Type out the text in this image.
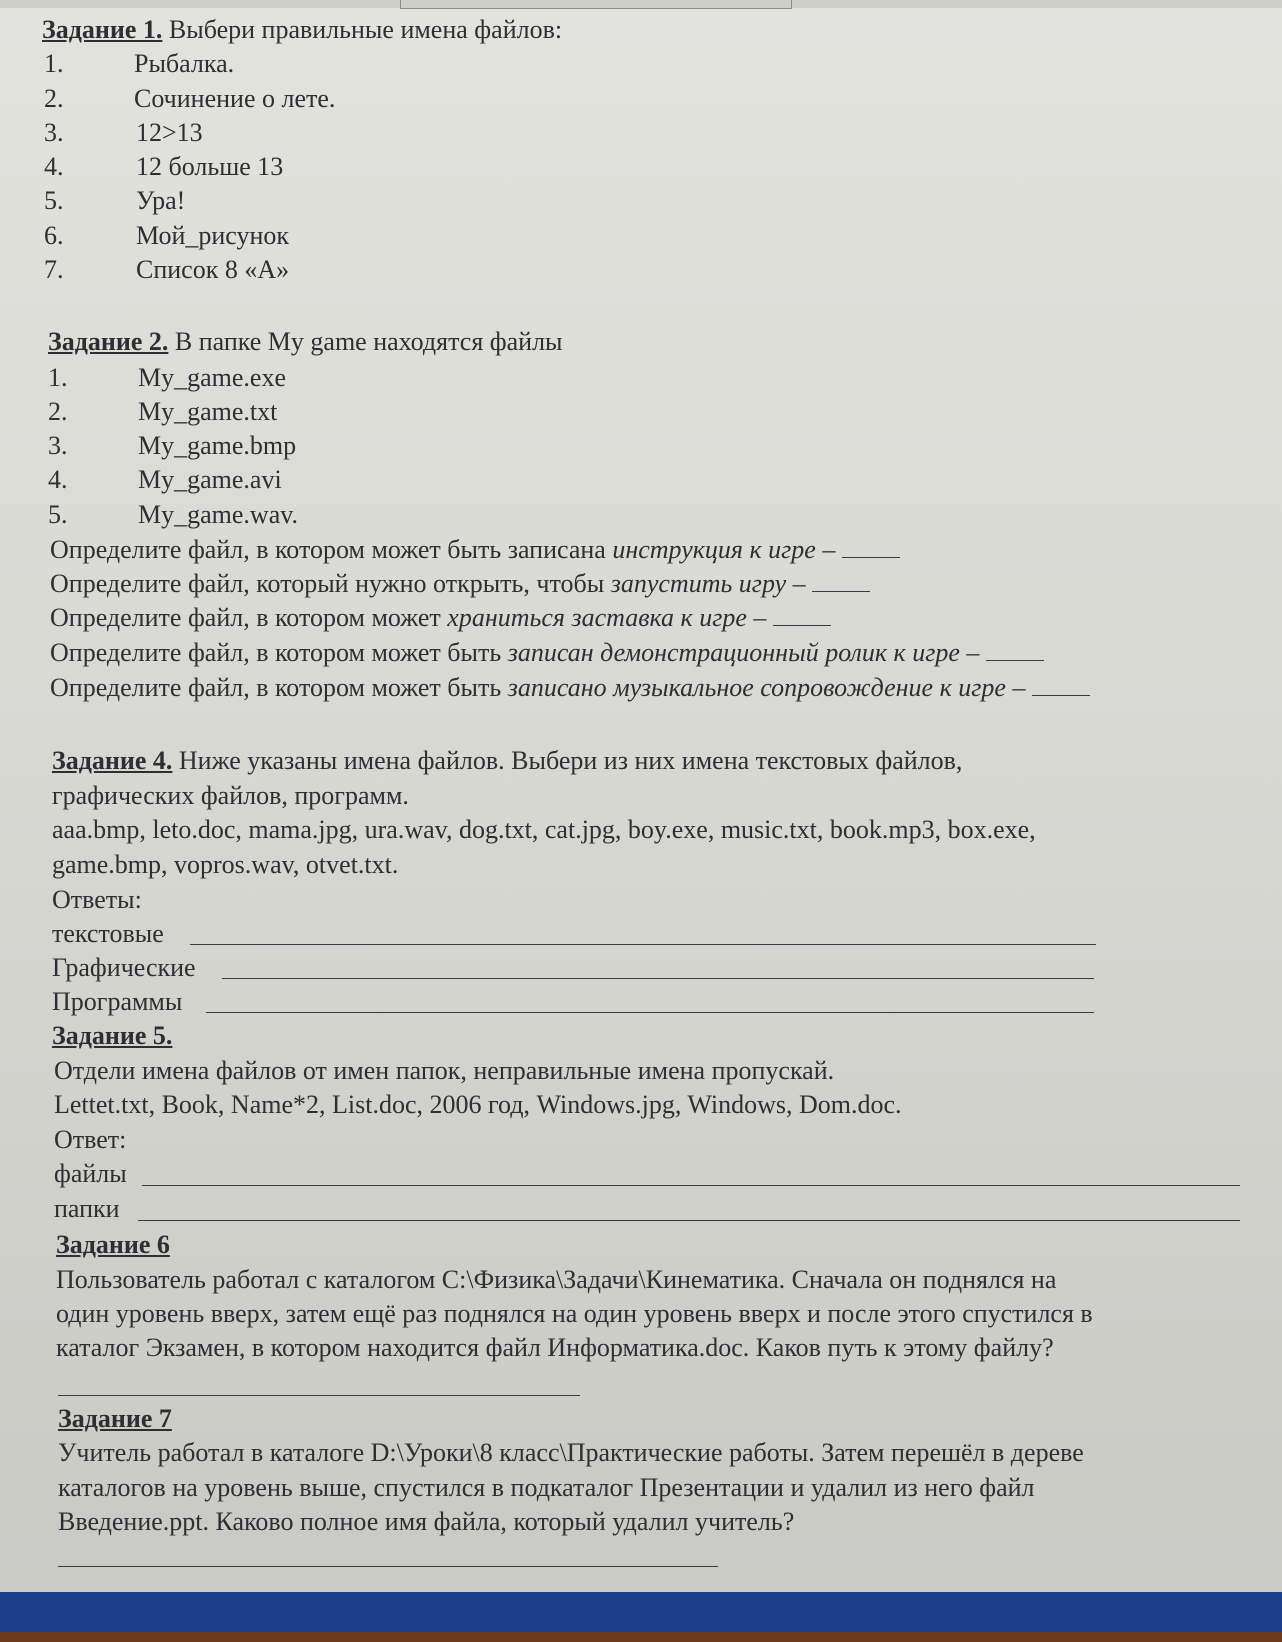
Задание 1. Выбери правильные имена файлов:
1.	Рыбалка.
2.	Сочинение о лете.
3.	12>13
4.	12 больше 13
5.	Ура!
6.	Мой_рисунок
7.	Список 8 «А»
Задание 2. В папке My game находятся файлы
1.	My_game.exe
2.	My_game.txt
3.	My_game.bmp
4.	My_game.avi
5.	My_game.wav.
Определите файл, в котором может быть записана инструкция к игре –
Определите файл, который нужно открыть, чтобы запустить игру –
Определите файл, в котором может храниться заставка к игре –
Определите файл, в котором может быть записан демонстрационный ролик к игре –
Определите файл, в котором может быть записано музыкальное сопровождение к игре –
Задание 4. Ниже указаны имена файлов. Выбери из них имена текстовых файлов,
графических файлов, программ.
aaa.bmp, leto.doc, mama.jpg, ura.wav, dog.txt, cat.jpg, boy.exe, music.txt, book.mp3, box.exe,
game.bmp, vopros.wav, otvet.txt.
Ответы:
текстовые
Графические
Программы
Задание 5.
Отдели имена файлов от имен папок, неправильные имена пропускай.
Lettet.txt, Book, Name*2, List.doc, 2006 год, Windows.jpg, Windows, Dom.doc.
Ответ:
файлы
папки
Задание 6
Пользователь работал с каталогом C:\Физика\Задачи\Кинематика. Сначала он поднялся на
один уровень вверх, затем ещё раз поднялся на один уровень вверх и после этого спустился в
каталог Экзамен, в котором находится файл Информатика.doc. Каков путь к этому файлу?
Задание 7
Учитель работал в каталоге D:\Уроки\8 класс\Практические работы. Затем перешёл в дереве
каталогов на уровень выше, спустился в подкаталог Презентации и удалил из него файл
Введение.ppt. Каково полное имя файла, который удалил учитель?
